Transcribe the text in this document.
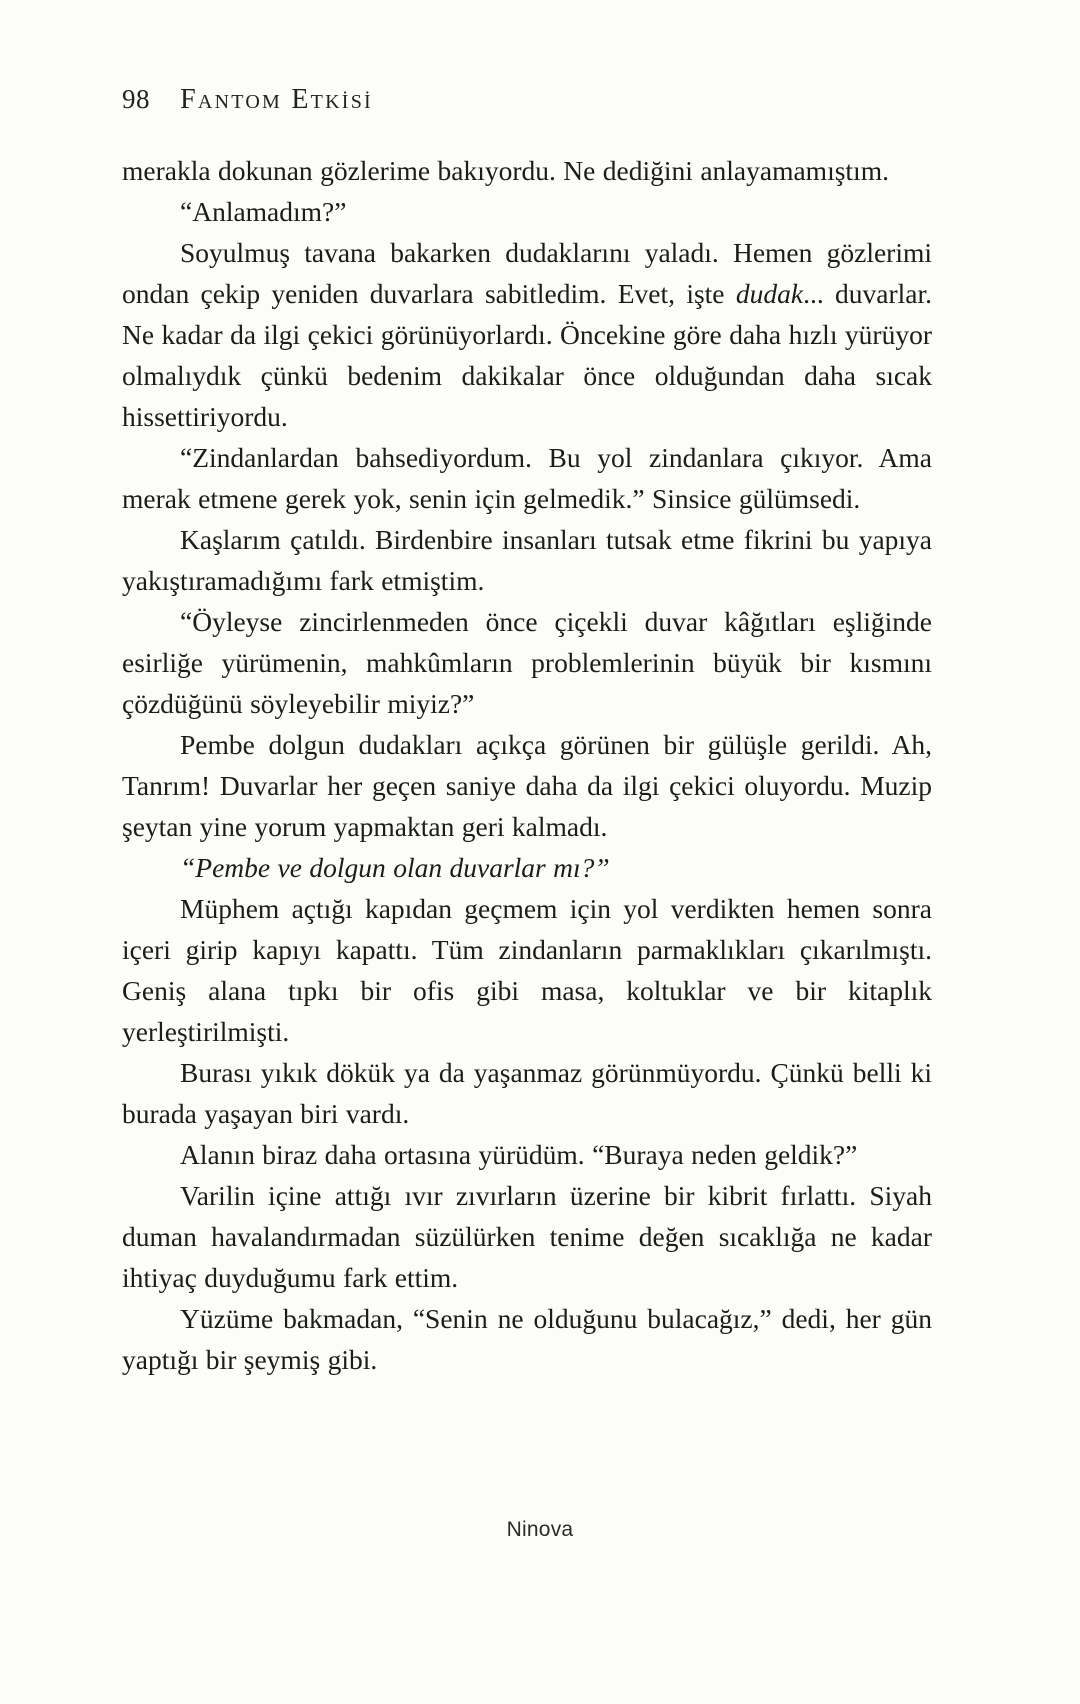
98 Fantom Etkisi

merakla dokunan gözlerime bakıyordu. Ne dediğini anlayamamıştım.

“Anlamadım?”

Soyulmuş tavana bakarken dudaklarını yaladı. Hemen gözlerimi ondan çekip yeniden duvarlara sabitledim. Evet, işte dudak... duvarlar. Ne kadar da ilgi çekici görünüyorlardı. Öncekine göre daha hızlı yürüyor olmalıydık çünkü bedenim dakikalar önce olduğundan daha sıcak hissettiriyordu.

“Zindanlardan bahsediyordum. Bu yol zindanlara çıkıyor. Ama merak etmene gerek yok, senin için gelmedik.” Sinsice gülümsedi.

Kaşlarım çatıldı. Birdenbire insanları tutsak etme fikrini bu yapıya yakıştıramadığımı fark etmiştim.

“Öyleyse zincirlenmeden önce çiçekli duvar kâğıtları eşliğinde esirliğe yürümenin, mahkûmların problemlerinin büyük bir kısmını çözdüğünü söyleyebilir miyiz?”

Pembe dolgun dudakları açıkça görünen bir gülüşle gerildi. Ah, Tanrım! Duvarlar her geçen saniye daha da ilgi çekici oluyordu. Muzip şeytan yine yorum yapmaktan geri kalmadı.

“Pembe ve dolgun olan duvarlar mı?”

Müphem açtığı kapıdan geçmem için yol verdikten hemen sonra içeri girip kapıyı kapattı. Tüm zindanların parmaklıkları çıkarılmıştı. Geniş alana tıpkı bir ofis gibi masa, koltuklar ve bir kitaplık yerleştirilmişti.

Burası yıkık dökük ya da yaşanmaz görünmüyordu. Çünkü belli ki burada yaşayan biri vardı.

Alanın biraz daha ortasına yürüdüm. “Buraya neden geldik?”

Varilin içine attığı ıvır zıvırların üzerine bir kibrit fırlattı. Siyah duman havalandırmadan süzülürken tenime değen sıcaklığa ne kadar ihtiyaç duyduğumu fark ettim.

Yüzüme bakmadan, “Senin ne olduğunu bulacağız,” dedi, her gün yaptığı bir şeymiş gibi.

Ninova
